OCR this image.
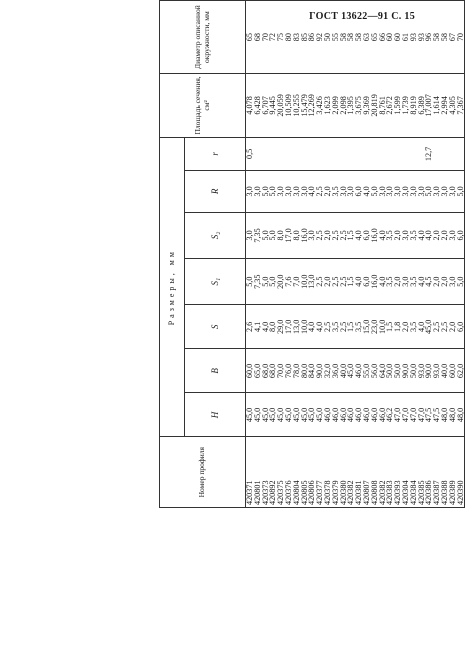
ГОСТ 13622—91 С. 15
Номер профиля	Размеры, мм							Площадь сечения, см²	Диаметр описанной окружности, мм	
	H	B	S	S₁	S₂	R	r		
420371	45,0	60,0	2,6	5,0	3,0	3,0	0,5	4,078	65		
420801	45,0	65,0	4,1	7,35	7,35	3,0		6,428	68		
420373	45,0	68,0	4,0	5,0	5,0	5,0		6,707	70		
420892	45,0	68,0	8,0	5,0	5,0	5,0		9,445	72		
420375	45,0	70,0	29,0	20,0	8,0	3,0		20,059	75		
420376	45,0	76,0	17,0	7,6	17,0	3,0		10,509	80		
420804	45,0	78,0	13,0	7,0	8,0	3,0		10,255	83		
420805	45,0	80,0	10,0	10,0	16,0	3,0		15,479	85		
420806	45,0	84,0	4,0	13,0	3,0	4,0		12,269	86		
420377	45,0	90,0	4,0	2,5	2,5	2,5		3,426	92		
420378	46,0	32,0	2,5	2,0	2,0	2,0		1,623	50		
420379	46,0	36,0	3,5	2,5	2,5	3,5		2,099	55		
420380	46,0	40,0	2,5	2,5	2,5	3,0		2,098	58		
420382	46,0	45,0	1,5	1,5	1,5	3,0		1,395	58		
420381	46,0	46,0	3,5	4,0	4,0	6,0		3,675	58		
420807	46,0	55,0	15,0	6,0	6,0	4,0		9,369	63		
420808	46,0	56,0	23,0	16,0	16,0	5,0		20,819	65		
420382	46,0	64,0	10,0	4,0	4,0	3,0		8,761	66		
420383	46,2	50,0	1,5	3,5	3,5	3,0		2,672	60		
420393	47,0	50,0	1,8	2,0	2,0	3,0		1,599	60		
420304	47,0	90,0	2,0	3,0	3,0	3,0		1,739	61		
420384	47,0	50,0	3,5	3,5	3,5	3,0		8,919	93		
420385	47,0	93,0	4,0	4,0	4,0	3,0		6,389	93		
420386	47,5	90,0	45,0	4,5	4,0	5,0	12,7	17,007	96		
420387	47,5	93,0	2,5	2,0	2,0	3,0		1,614	58		
420388	48,0	40,0	2,5	2,0	2,0	3,0		2,994	58		
420389	48,0	60,0	2,0	3,0	3,0	3,0		4,305	67		
420390	48,0	62,0	6,0	5,0	6,0	5,0		7,367	70		
